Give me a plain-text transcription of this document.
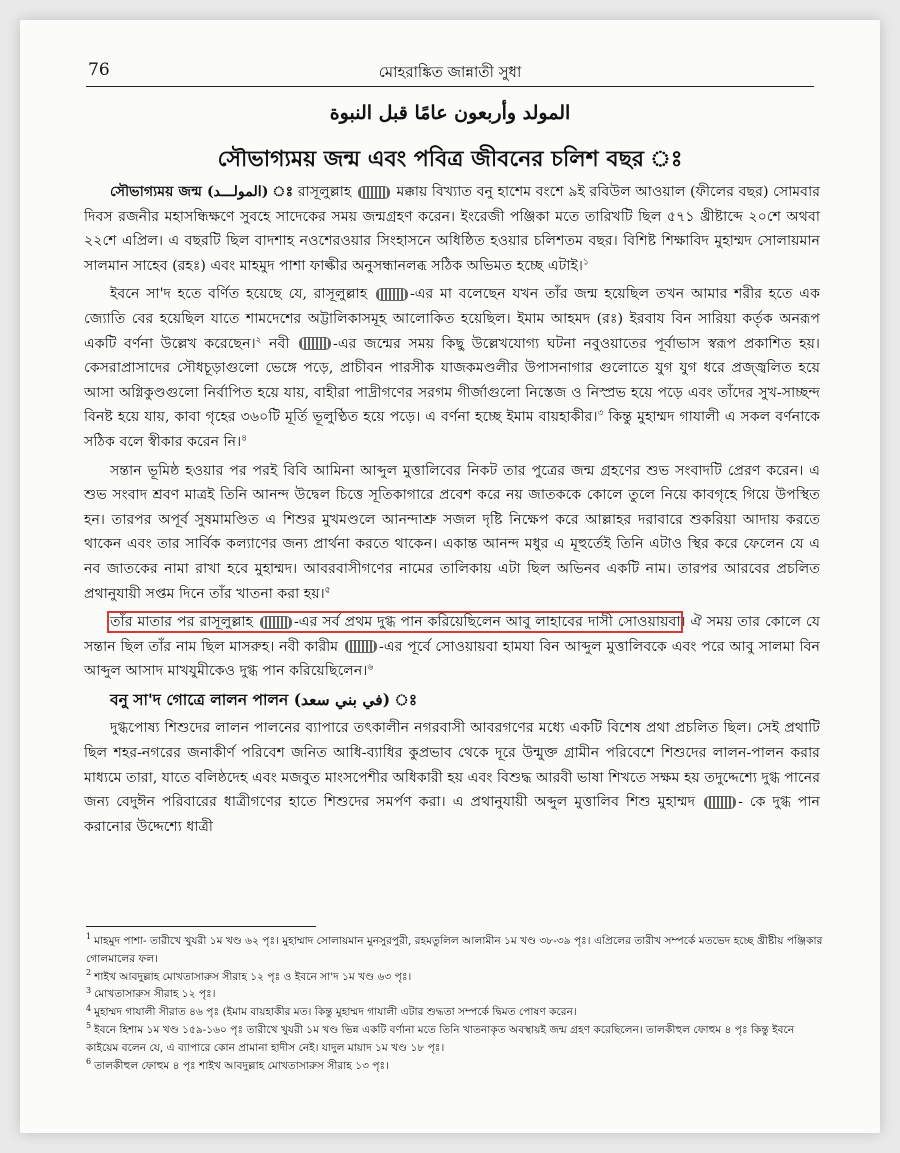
76	মোহরাঙ্কিত জান্নাতী সুধা
المولد وأربعون عامًا قبل النبوة
সৌভাগ্যময় জন্ম এবং পবিত্র জীবনের চলিশ বছর ঃ

সৌভাগ্যময় জন্ম (المولـــد) ঃ রাসূলুল্লাহ	মক্কায় বিখ্যাত বনু হাশেম বংশে ৯ই রবিউল আওয়াল (ফীলের বছর) সোমবার দিবস রজনীর মহাসন্ধিক্ষণে সুবহে সাদেকের সময় জন্মগ্রহণ করেন। ইংরেজী পঞ্জিকা মতে তারিখটি ছিল ৫৭১ খ্রীষ্টাব্দে ২০শে অথবা ২২শে এপ্রিল। এ বছরটি ছিল বাদশাহ নওশেরওয়ার সিংহাসনে অধিষ্ঠিত হওয়ার চলিশতম বছর। বিশিষ্ট শিক্ষাবিদ মুহাম্মদ সোলায়মান সালমান সাহেব (রহঃ) এবং মাহমুদ পাশা ফাল্কীর অনুসন্ধানলব্ধ সঠিক অভিমত হচ্ছে এটাই।$^১$

ইবনে সা'দ হতে বর্ণিত হয়েছে যে, রাসূলুল্লাহ	-এর মা বলেছেন যখন তাঁর জন্ম হয়েছিল তখন আমার শরীর হতে এক জ্যোতি বের হয়েছিল যাতে শামদেশের অট্টালিকাসমূহ আলোকিত হয়েছিল। ইমাম আহমদ (রঃ) ইরবায বিন সারিয়া কর্তৃক অনরূপ একটি বর্ণনা উল্লেখ করেছেন।$^২$ নবী	-এর জন্মের সময় কিছু উল্লেখযোগ্য ঘটনা নবুওয়াতের পূর্বাভাস স্বরূপ প্রকাশিত হয়। কেসরাপ্রাসাদের সৌধচূড়াগুলো ভেঙ্গে পড়ে, প্রাচীবন পারসীক যাজকমণ্ডলীর উপাসনাগার গুলোতে যুগ যুগ ধরে প্রজ্জ্বলিত হয়ে আসা অগ্নিকুণ্ডগুলো নির্বাপিত হয়ে যায়, বাহীরা পাদ্রীগণের সরগম গীর্জাগুলো নিস্তেজ ও নিস্প্রভ হয়ে পড়ে এবং তাঁদের সুখ-সাচ্ছন্দ বিনষ্ট হয়ে যায়, কাবা গৃহের ৩৬০টি মূর্তি ভূলুণ্ঠিত হয়ে পড়ে। এ বর্ণনা হচ্ছে ইমাম বায়হাকীর।$^৩$ কিন্তু মুহাম্মদ গাযালী এ সকল বর্ণনাকে সঠিক বলে স্বীকার করেন নি।$^৪$

সন্তান ভূমিষ্ঠ হওয়ার পর পরই বিবি আমিনা আব্দুল মুত্তালিবের নিকট তার পুত্রের জন্ম গ্রহণের শুভ সংবাদটি প্রেরণ করেন। এ শুভ সংবাদ শ্রবণ মাত্রই তিনি আনন্দ উদ্বেল চিত্তে সূতিকাগারে প্রবেশ করে নয় জাতককে কোলে তুলে নিয়ে কাবগৃহে গিয়ে উপস্থিত হন। তারপর অপূর্ব সুষমামণ্ডিত এ শিশুর মুখমণ্ডলে আনন্দাশ্রু সজল দৃষ্টি নিক্ষেপ করে আল্লাহর দরাবারে শুকরিয়া আদায় করতে থাকেন এবং তার সার্বিক কল্যাণের জন্য প্রার্থনা করতে থাকেন। একান্ত আনন্দ মধুর এ মূহুর্তেই তিনি এটাও স্থির করে ফেলেন যে এ নব জাতকের নামা রাখা হবে মুহাম্মদ। আবরবাসীগণের নামের তালিকায় এটা ছিল অভিনব একটি নাম। তারপর আরবের প্রচলিত প্রথানুযায়ী সপ্তম দিনে তাঁর খাতনা করা হয়।$^৫$

তাঁর মাতার পর রাসূলুল্লাহ	-এর সর্ব প্রথম দুগ্ধ পান করিয়েছিলেন আবু লাহাবের দাসী সোওয়ায়বা। ঐ সময় তার কোলে যে সন্তান ছিল তাঁর নাম ছিল মাসরুহ। নবী কারীম	-এর পূর্বে সোওয়ায়বা হামযা বিন আব্দুল মুত্তালিবকে এবং পরে আবু সালমা বিন আব্দুল আসাদ মাখযুমীকেও দুগ্ধ পান করিয়েছিলেন।$^৬$

বনু সা'দ গোত্রে লালন পালন (في بني سعد) ঃ

দুগ্ধপোষ্য শিশুদের লালন পালনের ব্যাপারে তৎকালীন নগরবাসী আবরগণের মধ্যে একটি বিশেষ প্রথা প্রচলিত ছিল। সেই প্রথাটি ছিল শহর-নগরের জনাকীর্ণ পরিবেশ জনিত আধি-ব্যাধির কুপ্রভাব থেকে দূরে উন্মুক্ত গ্রামীন পরিবেশে শিশুদের লালন-পালন করার মাধ্যমে তারা, যাতে বলিষ্ঠদেহ এবং মজবুত মাংসপেশীর অধিকারী হয় এবং বিশুদ্ধ আরবী ভাষা শিখতে সক্ষম হয় তদুদ্দেশ্যে দুগ্ধ পানের জন্য বেদুঈন পরিবারের ধাত্রীগণের হাতে শিশুদের সমর্পণ করা। এ প্রথানুযায়ী অব্দুল মুত্তালিব শিশু মুহাম্মদ	- কে দুগ্ধ পান করানোর উদ্দেশ্যে ধাত্রী

$^1$ মাহমুদ পাশা- তারীখে খুযরী ১ম খণ্ড ৬২ পৃঃ। মুহাম্মাদ সোলায়মান মুনসুরপুরী, রহমতুলিল আলামীন ১ম খণ্ড ৩৮-৩৯ পৃঃ। এপ্রিলের তারীখ সম্পর্কে মতভেদ হচ্ছে খ্রীষ্টীয় পঞ্জিকার গোলমালের ফল।
$^2$ শাইখ আবদুল্লাহ মোখতাসারুস সীরাহ ১২ পৃঃ ও ইবনে সা'দ ১ম খণ্ড ৬৩ পৃঃ।
$^3$ মোখতাসারুস সীরাহ ১২ পৃঃ।
$^4$ মুহাম্মদ গাযালী সীরাত ৪৬ পৃঃ (ইমাম বায়হাকীর মত। কিন্তু মুহাম্মদ গাযালী এটার শুদ্ধতা সম্পর্কে দ্বিমত পোষণ করেন।
$^5$ ইবনে হিশাম ১ম খণ্ড ১৫৯-১৬০ পৃঃ তারীখে খুযরী ১ম খণ্ড ভিন্ন একটি বর্ণানা মতে তিনি খাতনাকৃত অবস্থায়ই জন্ম গ্রহণ করেছিলেন। তালকীহুল ফোহুম ৪ পৃঃ কিন্তু ইবনে কাইয়েম বলেন যে, এ ব্যাপারে কোন প্রামানা হাদীস নেই। যাদুল মায়াদ ১ম খণ্ড ১৮ পৃঃ।
$^6$ তালকীহুল ফোহুম ৪ পৃঃ শাইখ আবদুল্লাহ মোখতাসারুস সীরাহ ১৩ পৃঃ।
